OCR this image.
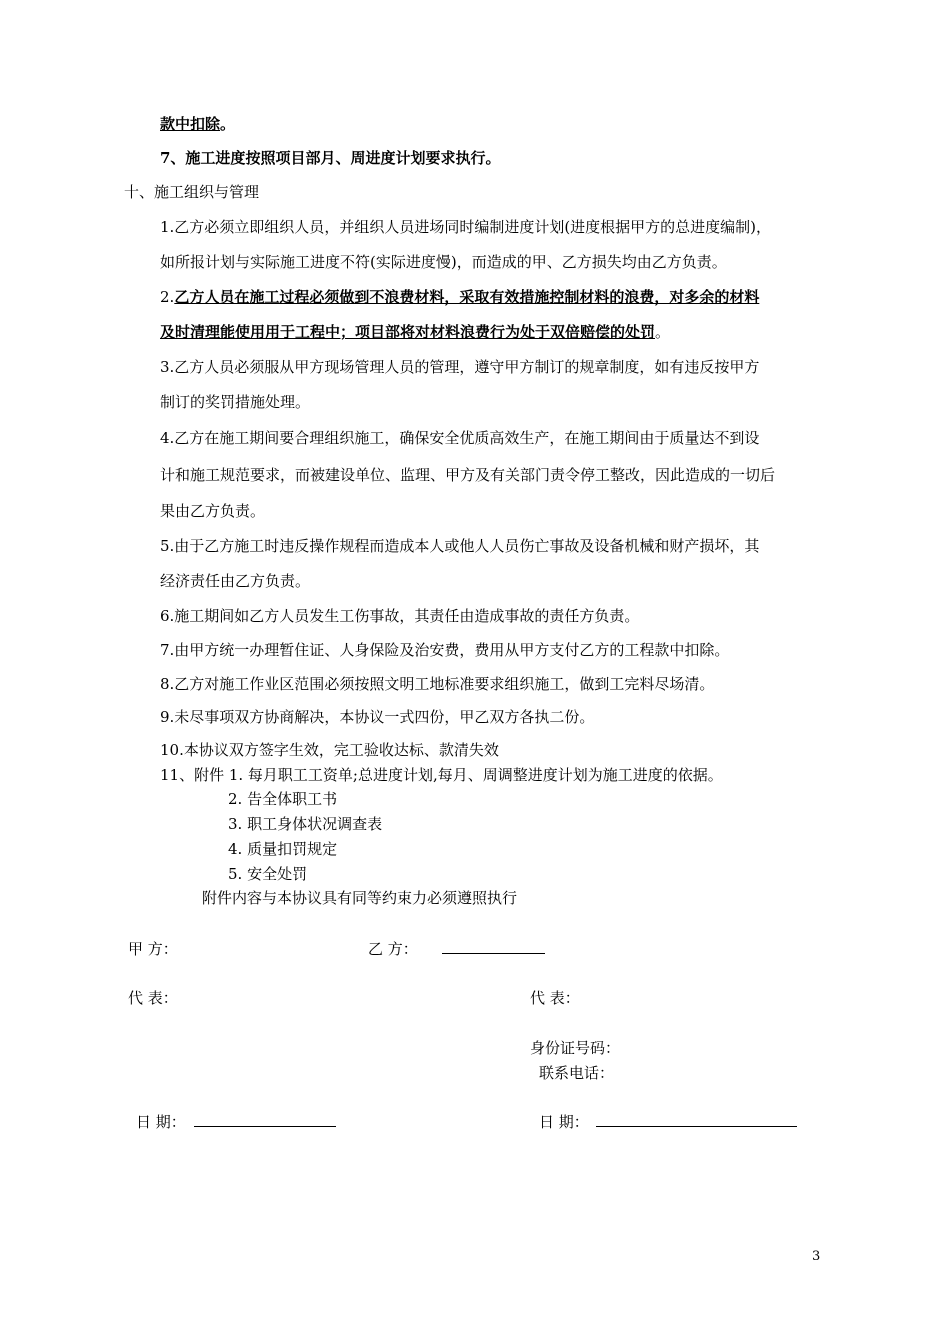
款中扣除。
7、施工进度按照项目部月、周进度计划要求执行。
十、施工组织与管理
1.乙方必须立即组织人员，并组织人员进场同时编制进度计划(进度根据甲方的总进度编制)，
如所报计划与实际施工进度不符(实际进度慢)，而造成的甲、乙方损失均由乙方负责。
2.乙方人员在施工过程必须做到不浪费材料，采取有效措施控制材料的浪费，对多余的材料
及时清理能使用用于工程中；项目部将对材料浪费行为处于双倍赔偿的处罚。
3.乙方人员必须服从甲方现场管理人员的管理，遵守甲方制订的规章制度，如有违反按甲方
制订的奖罚措施处理。
4.乙方在施工期间要合理组织施工，确保安全优质高效生产，在施工期间由于质量达不到设
计和施工规范要求，而被建设单位、监理、甲方及有关部门责令停工整改，因此造成的一切后
果由乙方负责。
5.由于乙方施工时违反操作规程而造成本人或他人人员伤亡事故及设备机械和财产损坏，其
经济责任由乙方负责。
6.施工期间如乙方人员发生工伤事故，其责任由造成事故的责任方负责。
7.由甲方统一办理暂住证、人身保险及治安费，费用从甲方支付乙方的工程款中扣除。
8.乙方对施工作业区范围必须按照文明工地标准要求组织施工，做到工完料尽场清。
9.未尽事项双方协商解决，本协议一式四份，甲乙双方各执二份。
10.本协议双方签字生效，完工验收达标、款清失效
11、附件 1. 每月职工工资单;总进度计划,每月、周调整进度计划为施工进度的依据。
2. 告全体职工书
3. 职工身体状况调查表
4. 质量扣罚规定
5. 安全处罚
附件内容与本协议具有同等约束力必须遵照执行
甲 方：	乙 方：
代 表：	代 表：
身份证号码：
联系电话：
日 期：	日 期：
3
